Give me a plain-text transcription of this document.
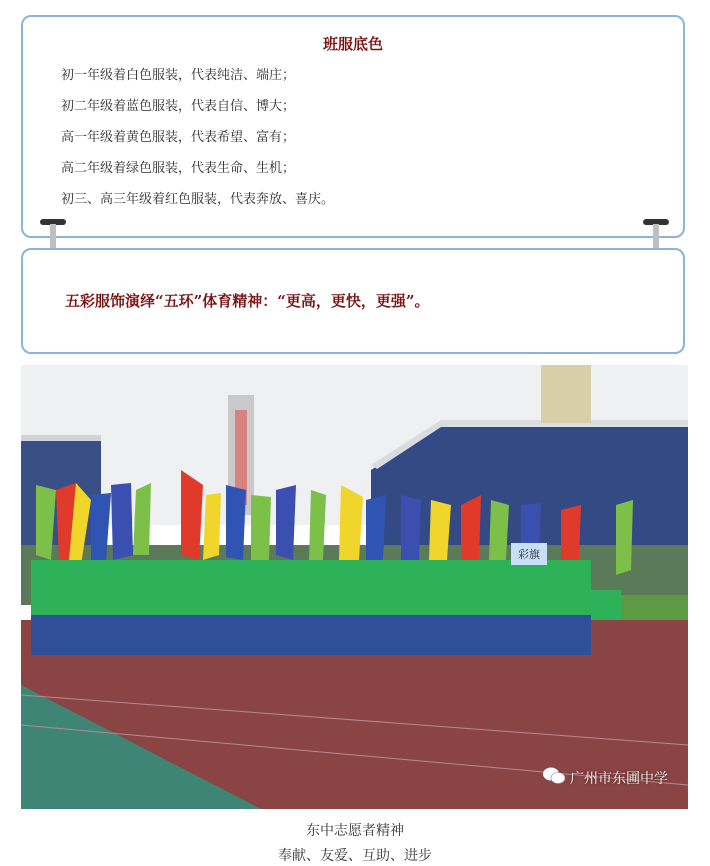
班服底色
初一年级着白色服装，代表纯洁、端庄；
初二年级着蓝色服装，代表自信、博大；
高一年级着黄色服装，代表希望、富有；
高二年级着绿色服装，代表生命、生机；
初三、高三年级着红色服装，代表奔放、喜庆。
五彩服饰演绎“五环”体育精神：“更高，更快，更强”。
彩旗
广州市东圃中学
东中志愿者精神
奉献、友爱、互助、进步
